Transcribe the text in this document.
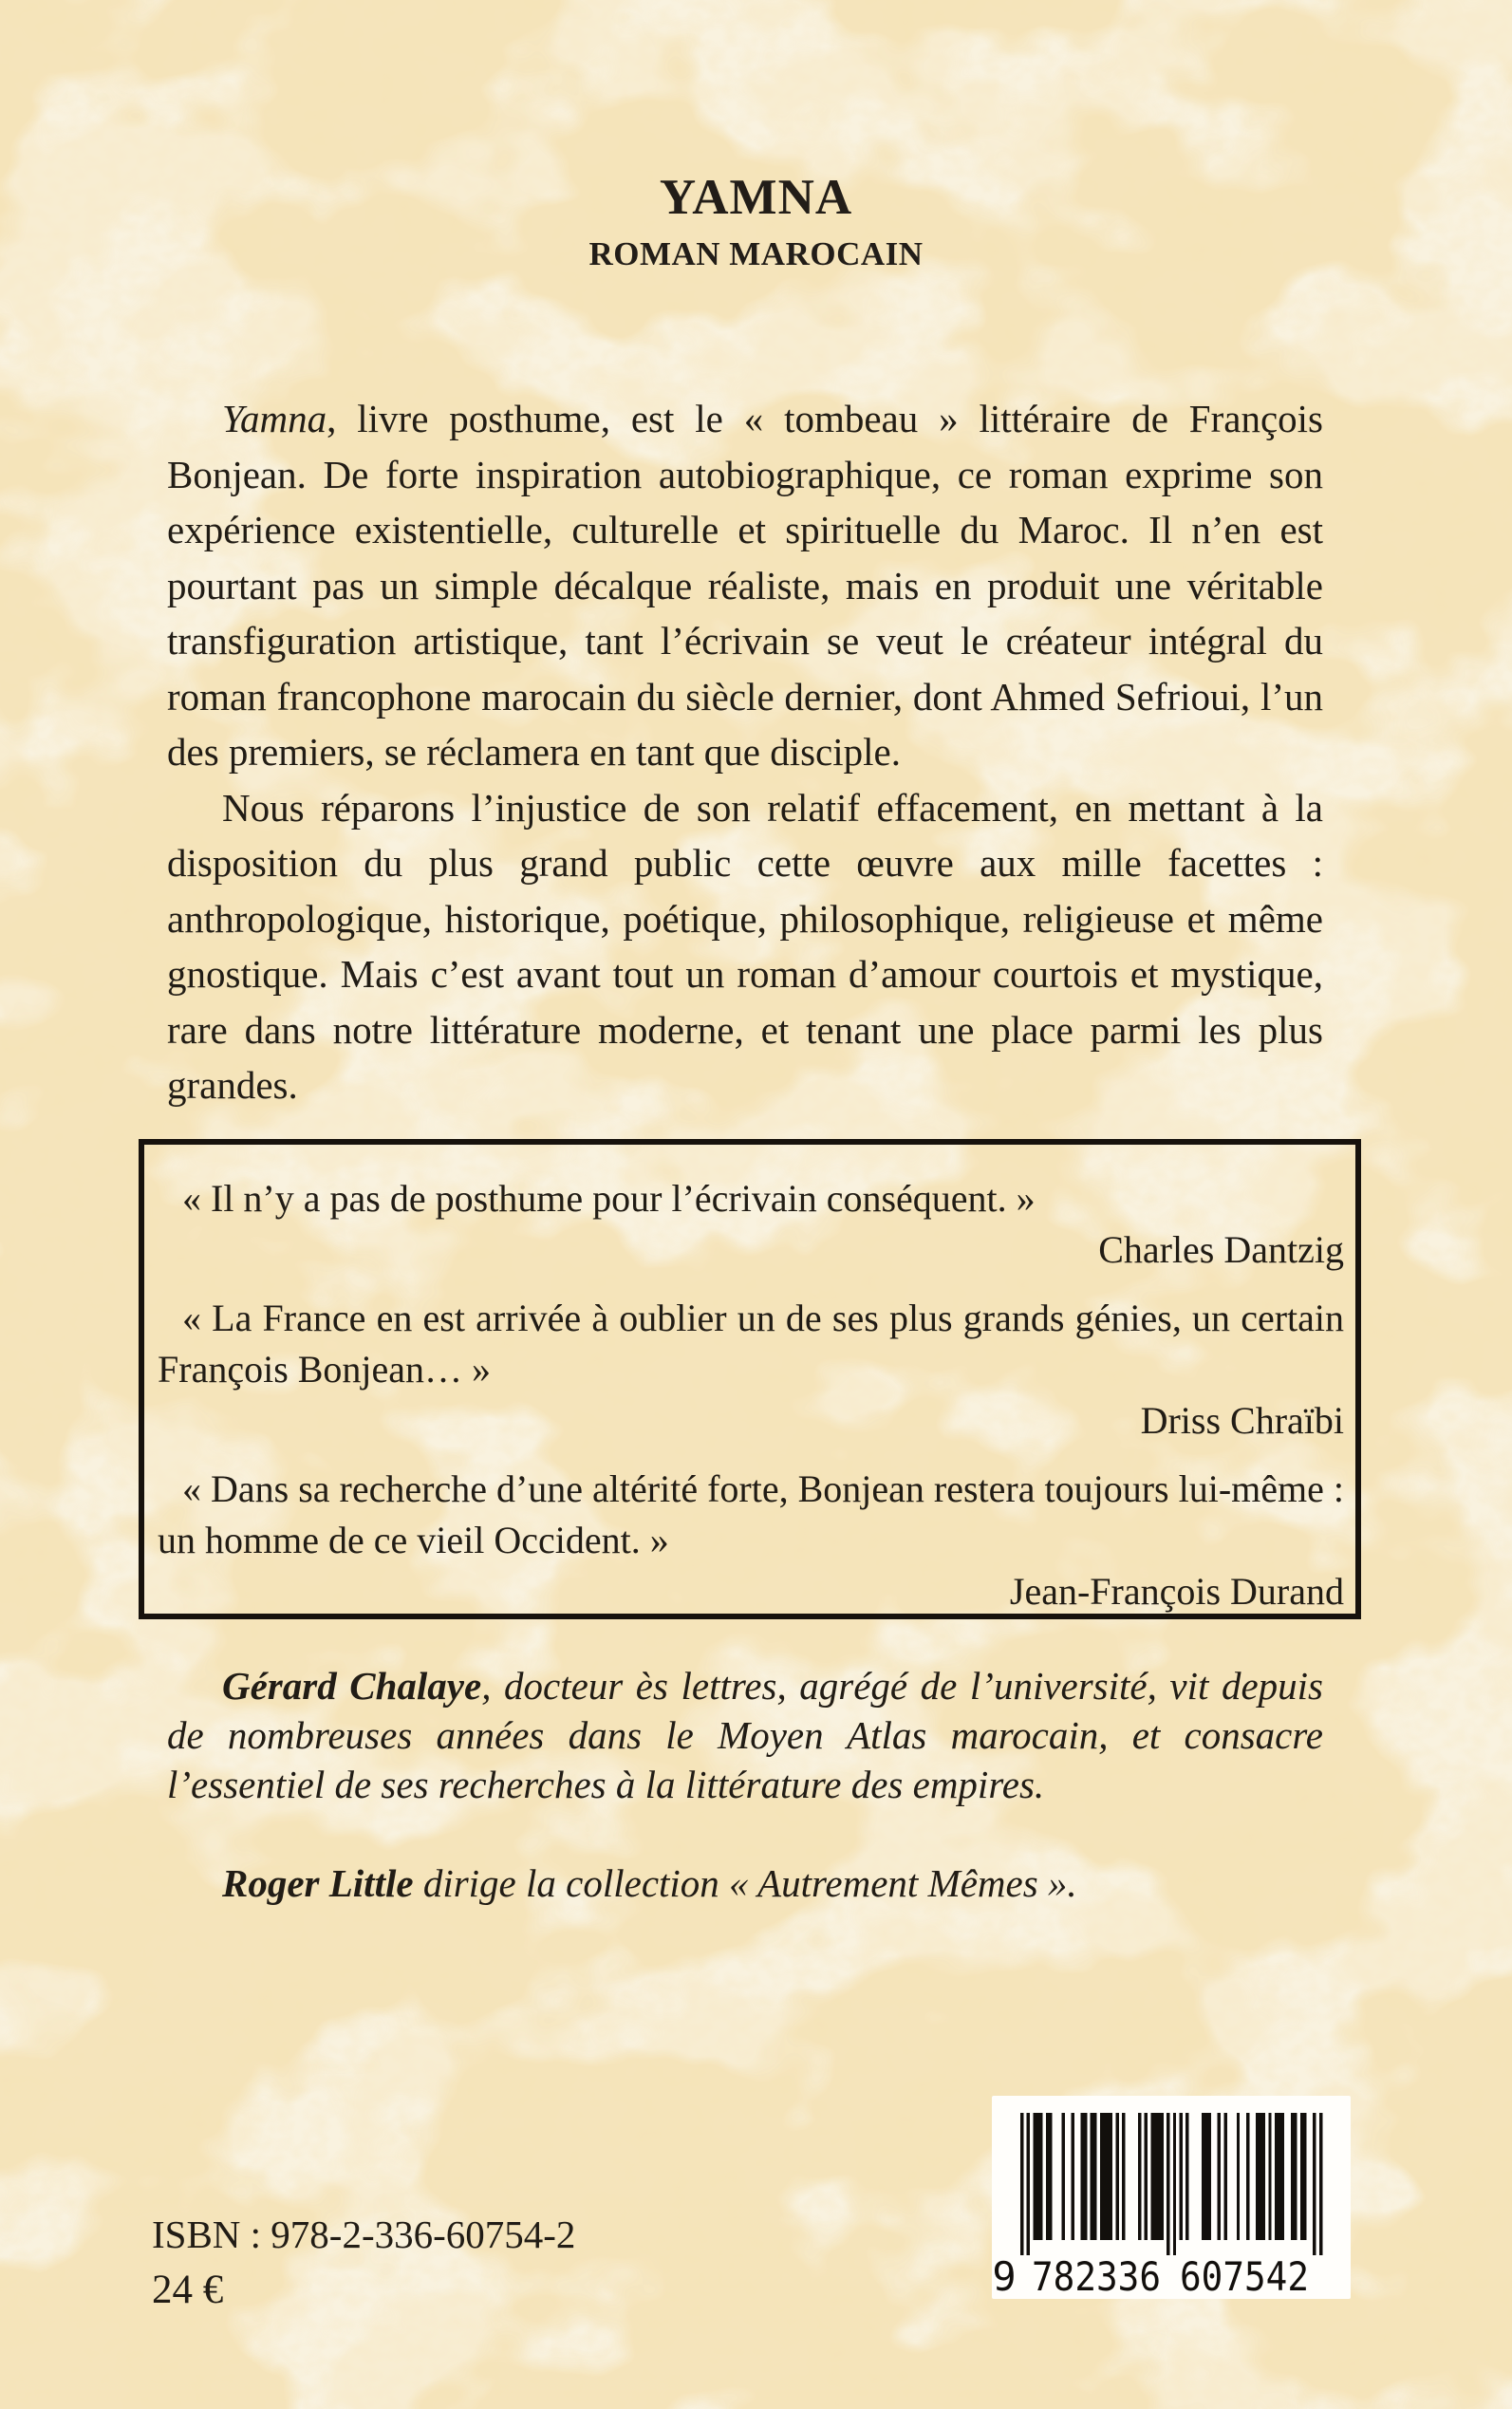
YAMNA
ROMAN MAROCAIN

Yamna, livre posthume, est le « tombeau » littéraire de François Bonjean. De forte inspiration autobiographique, ce roman exprime son expérience existentielle, culturelle et spirituelle du Maroc. Il n’en est pourtant pas un simple décalque réaliste, mais en produit une véritable transfiguration artistique, tant l’écrivain se veut le créateur intégral du roman francophone marocain du siècle dernier, dont Ahmed Sefrioui, l’un des premiers, se réclamera en tant que disciple.

Nous réparons l’injustice de son relatif effacement, en mettant à la disposition du plus grand public cette œuvre aux mille facettes : anthropologique, historique, poétique, philosophique, religieuse et même gnostique. Mais c’est avant tout un roman d’amour courtois et mystique, rare dans notre littérature moderne, et tenant une place parmi les plus grandes.

« Il n’y a pas de posthume pour l’écrivain conséquent. »

Charles Dantzig

« La France en est arrivée à oublier un de ses plus grands génies, un certain François Bonjean… »

Driss Chraïbi

« Dans sa recherche d’une altérité forte, Bonjean restera toujours lui-même : un homme de ce vieil Occident. »

Jean-François Durand

Gérard Chalaye, docteur ès lettres, agrégé de l’université, vit depuis de nombreuses années dans le Moyen Atlas marocain, et consacre l’essentiel de ses recherches à la littérature des empires.

Roger Little dirige la collection « Autrement Mêmes ».

ISBN : 978-2-336-60754-2
24 €	9 782336 607542
